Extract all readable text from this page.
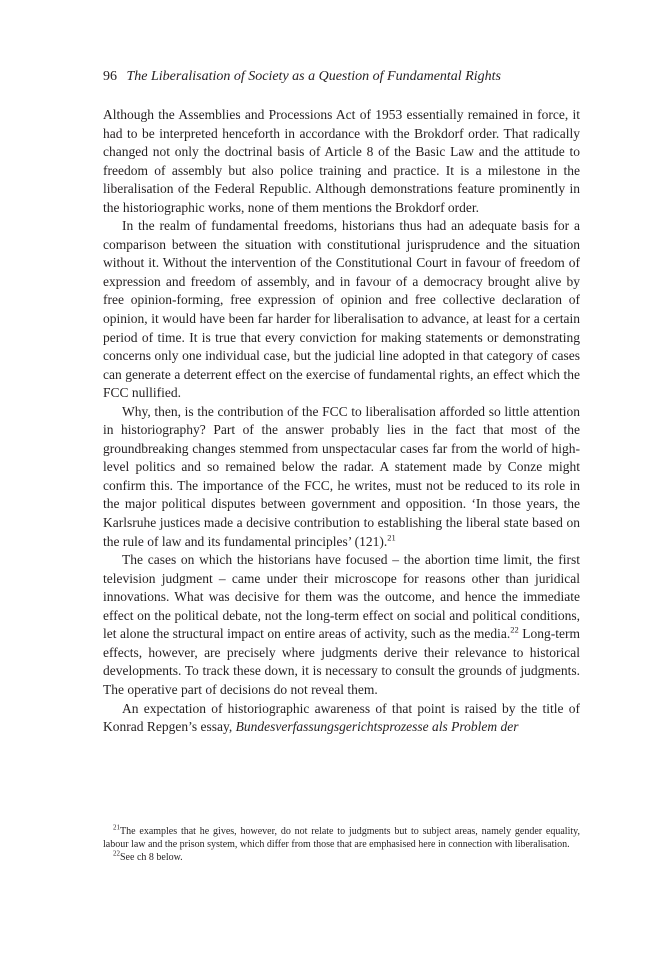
96 The Liberalisation of Society as a Question of Fundamental Rights

Although the Assemblies and Processions Act of 1953 essentially remained in force, it had to be interpreted henceforth in accordance with the Brokdorf order. That radically changed not only the doctrinal basis of Article 8 of the Basic Law and the attitude to freedom of assembly but also police training and practice. It is a milestone in the liberalisation of the Federal Republic. Although demonstrations feature prominently in the historiographic works, none of them mentions the Brokdorf order.

In the realm of fundamental freedoms, historians thus had an adequate basis for a comparison between the situation with constitutional jurisprudence and the situation without it. Without the intervention of the Constitutional Court in favour of freedom of expression and freedom of assembly, and in favour of a democracy brought alive by free opinion-forming, free expression of opinion and free collective declaration of opinion, it would have been far harder for liberalisation to advance, at least for a certain period of time. It is true that every conviction for making statements or demonstrating concerns only one individual case, but the judicial line adopted in that category of cases can generate a deterrent effect on the exercise of fundamental rights, an effect which the FCC nullified.

Why, then, is the contribution of the FCC to liberalisation afforded so little attention in historiography? Part of the answer probably lies in the fact that most of the groundbreaking changes stemmed from unspectacular cases far from the world of high-level politics and so remained below the radar. A statement made by Conze might confirm this. The importance of the FCC, he writes, must not be reduced to its role in the major political disputes between government and opposition. ‘In those years, the Karlsruhe justices made a decisive contribution to establishing the liberal state based on the rule of law and its fundamental principles’ (121).$^{21}$

The cases on which the historians have focused – the abortion time limit, the first television judgment – came under their microscope for reasons other than juridical innovations. What was decisive for them was the outcome, and hence the immediate effect on the political debate, not the long-term effect on social and political conditions, let alone the structural impact on entire areas of activity, such as the media.$^{22}$ Long-term effects, however, are precisely where judgments derive their relevance to historical developments. To track these down, it is necessary to consult the grounds of judgments. The operative part of decisions do not reveal them.

An expectation of historiographic awareness of that point is raised by the title of Konrad Repgen’s essay, Bundesverfassungsgerichtsprozesse als Problem der

$^{21}$The examples that he gives, however, do not relate to judgments but to subject areas, namely gender equality, labour law and the prison system, which differ from those that are emphasised here in connection with liberalisation.

$^{22}$See ch 8 below.
